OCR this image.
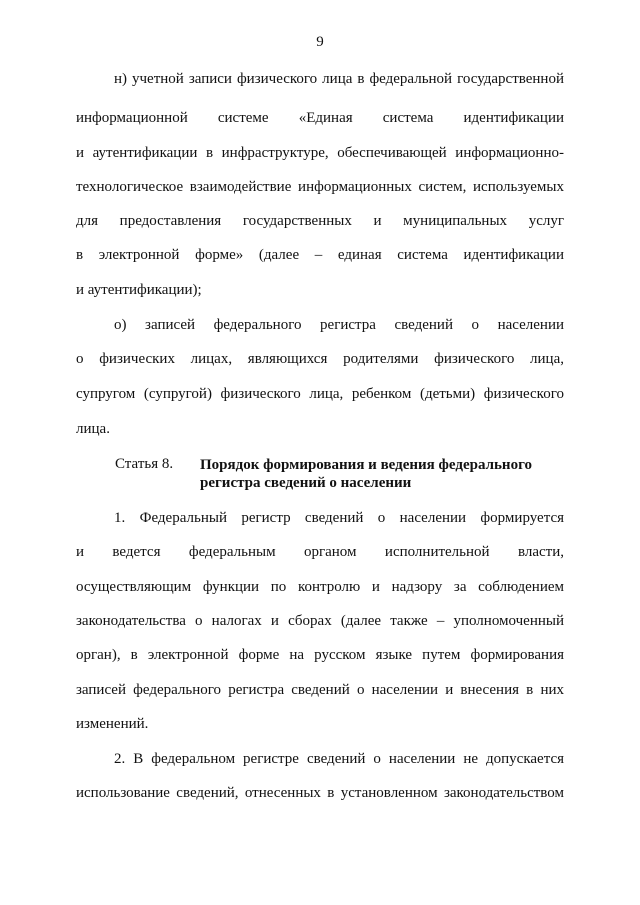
9
н) учетной записи физического лица в федеральной государственной
информационной системе «Единая система идентификации
и аутентификации в инфраструктуре, обеспечивающей информационно-
технологическое взаимодействие информационных систем, используемых
для предоставления государственных и муниципальных услуг
в электронной форме» (далее – единая система идентификации
и аутентификации);
о) записей федерального регистра сведений о населении
о физических лицах, являющихся родителями физического лица,
супругом (супругой) физического лица, ребенком (детьми) физического
лица.
Статья 8. Порядок формирования и ведения федерального
регистра сведений о населении
1. Федеральный регистр сведений о населении формируется
и ведется федеральным органом исполнительной власти,
осуществляющим функции по контролю и надзору за соблюдением
законодательства о налогах и сборах (далее также – уполномоченный
орган), в электронной форме на русском языке путем формирования
записей федерального регистра сведений о населении и внесения в них
изменений.
2. В федеральном регистре сведений о населении не допускается
использование сведений, отнесенных в установленном законодательством
